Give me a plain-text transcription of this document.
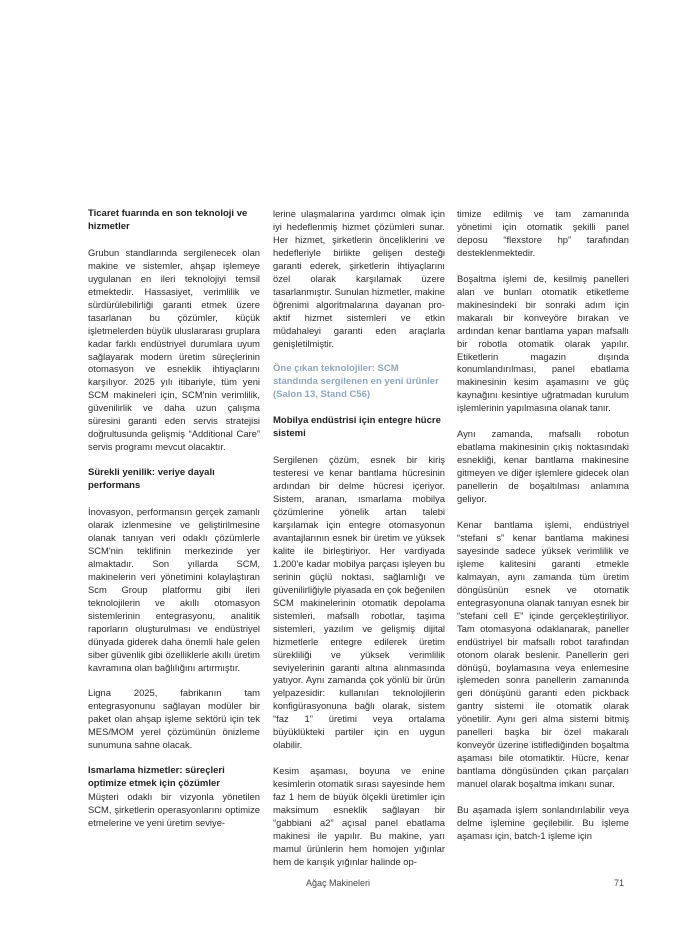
Ticaret fuarında en son teknoloji ve hizmetler

Grubun standlarında sergilenecek olan makine ve sistemler, ahşap işlemeye uygulanan en ileri teknolojiyi temsil etmektedir. Hassasiyet, verimlilik ve sürdürülebilirliği garanti etmek üzere tasarlanan bu çözümler, küçük işletmelerden büyük uluslararası gruplara kadar farklı endüstriyel durumlara uyum sağlayarak modern üretim süreçlerinin otomasyon ve esneklik ihtiyaçlarını karşılıyor. 2025 yılı itibariyle, tüm yeni SCM makineleri için, SCM'nin verimlilik, güvenilirlik ve daha uzun çalışma süresini garanti eden servis stratejisi doğrultusunda gelişmiş “Additional Care” servis programı mevcut olacaktır.

Sürekli yenilik: veriye dayalı performans

İnovasyon, performansın gerçek zamanlı olarak izlenmesine ve geliştirilmesine olanak tanıyan veri odaklı çözümlerle SCM'nin teklifinin merkezinde yer almaktadır. Son yıllarda SCM, makinelerin veri yönetimini kolaylaştıran Scm Group platformu gibi ileri teknolojilerin ve akıllı otomasyon sistemlerinin entegrasyonu, analitik raporların oluşturulması ve endüstriyel dünyada giderek daha önemli hale gelen siber güvenlik gibi özelliklerle akıllı üretim kavramına olan bağlılığını artırmıştır.

Ligna 2025, fabrikanın tam entegrasyonunu sağlayan modüler bir paket olan ahşap işleme sektörü için tek MES/MOM yerel çözümünün önizleme sunumuna sahne olacak.

Ismarlama hizmetler: süreçleri optimize etmek için çözümler

Müşteri odaklı bir vizyonla yönetilen SCM, şirketlerin operasyonlarını optimize etmelerine ve yeni üretim seviye-

lerine ulaşmalarına yardımcı olmak için iyi hedeflenmiş hizmet çözümleri sunar. Her hizmet, şirketlerin önceliklerini ve hedefleriyle birlikte gelişen desteği garanti ederek, şirketlerin ihtiyaçlarını özel olarak karşılamak üzere tasarlanmıştır. Sunulan hizmetler, makine öğrenimi algoritmalarına dayanan pro-aktif hizmet sistemleri ve etkin müdahaleyi garanti eden araçlarla genişletilmiştir.

Öne çıkan teknolojiler: SCM standında sergilenen en yeni ürünler (Salon 13, Stand C56)
Mobilya endüstrisi için entegre hücre sistemi

Sergilenen çözüm, esnek bir kiriş testeresi ve kenar bantlama hücresinin ardından bir delme hücresi içeriyor. Sistem, aranan, ısmarlama mobilya çözümlerine yönelik artan talebi karşılamak için entegre otomasyonun avantajlarının esnek bir üretim ve yüksek kalite ile birleştiriyor. Her vardiyada 1.200'e kadar mobilya parçası işleyen bu serinin güçlü noktası, sağlamlığı ve güvenilirliğiyle piyasada en çok beğenilen SCM makinelerinin otomatik depolama sistemleri, mafsallı robotlar, taşıma sistemleri, yazılım ve gelişmiş dijital hizmetlerle entegre edilerek üretim sürekliliği ve yüksek verimlilik seviyelerinin garanti altına alınmasında yatıyor. Aynı zamanda çok yönlü bir ürün yelpazesidir: kullanılan teknolojilerin konfigürasyonuna bağlı olarak, sistem “faz 1” üretimi veya ortalama büyüklükteki partiler için en uygun olabilir.

Kesim aşaması, boyuna ve enine kesimlerin otomatik sırası sayesinde hem faz 1 hem de büyük ölçekli üretimler için maksimum esneklik sağlayan bir “gabbiani a2” açısal panel ebatlama makinesi ile yapılır. Bu makine, yarı mamul ürünlerin hem homojen yığınlar hem de karışık yığınlar halinde op-

timize edilmiş ve tam zamanında yönetimi için otomatik şekilli panel deposu “flexstore hp” tarafından desteklenmektedir.

Boşaltma işlemi de, kesilmiş panelleri alan ve bunları otomatik etiketleme makinesindeki bir sonraki adım için makaralı bir konveyöre bırakan ve ardından kenar bantlama yapan mafsallı bir robotla otomatik olarak yapılır. Etiketlerin magazin dışında konumlandırılması, panel ebatlama makinesinin kesim aşamasını ve güç kaynağını kesintiye uğratmadan kurulum işlemlerinin yapılmasına olanak tanır.

Aynı zamanda, mafsallı robotun ebatlama makinesinin çıkış noktasındaki esnekliği, kenar bantlama makinesine gitmeyen ve diğer işlemlere gidecek olan panellerin de boşaltılması anlamına geliyor.

Kenar bantlama işlemi, endüstriyel “stefani s” kenar bantlama makinesi sayesinde sadece yüksek verimlilik ve işleme kalitesini garanti etmekle kalmayan, aynı zamanda tüm üretim döngüsünün esnek ve otomatik entegrasyonuna olanak tanıyan esnek bir “stefani cell E” içinde gerçekleştiriliyor. Tam otomasyona odaklanarak, paneller endüstriyel bir mafsallı robot tarafından otonom olarak beslenir. Panellerin geri dönüşü, boylamasına veya enlemesine işlemeden sonra panellerin zamanında geri dönüşünü garanti eden pickback gantry sistemi ile otomatik olarak yönetilir. Aynı geri alma sistemi bitmiş panelleri başka bir özel makaralı konveyör üzerine istiflediğinden boşaltma aşaması bile otomatiktir. Hücre, kenar bantlama döngüsünden çıkan parçaları manuel olarak boşaltma imkanı sunar.

Bu aşamada işlem sonlandırılabilir veya delme işlemine geçilebilir. Bu işleme aşaması için, batch-1 işleme için

Ağaç Makineleri	71
